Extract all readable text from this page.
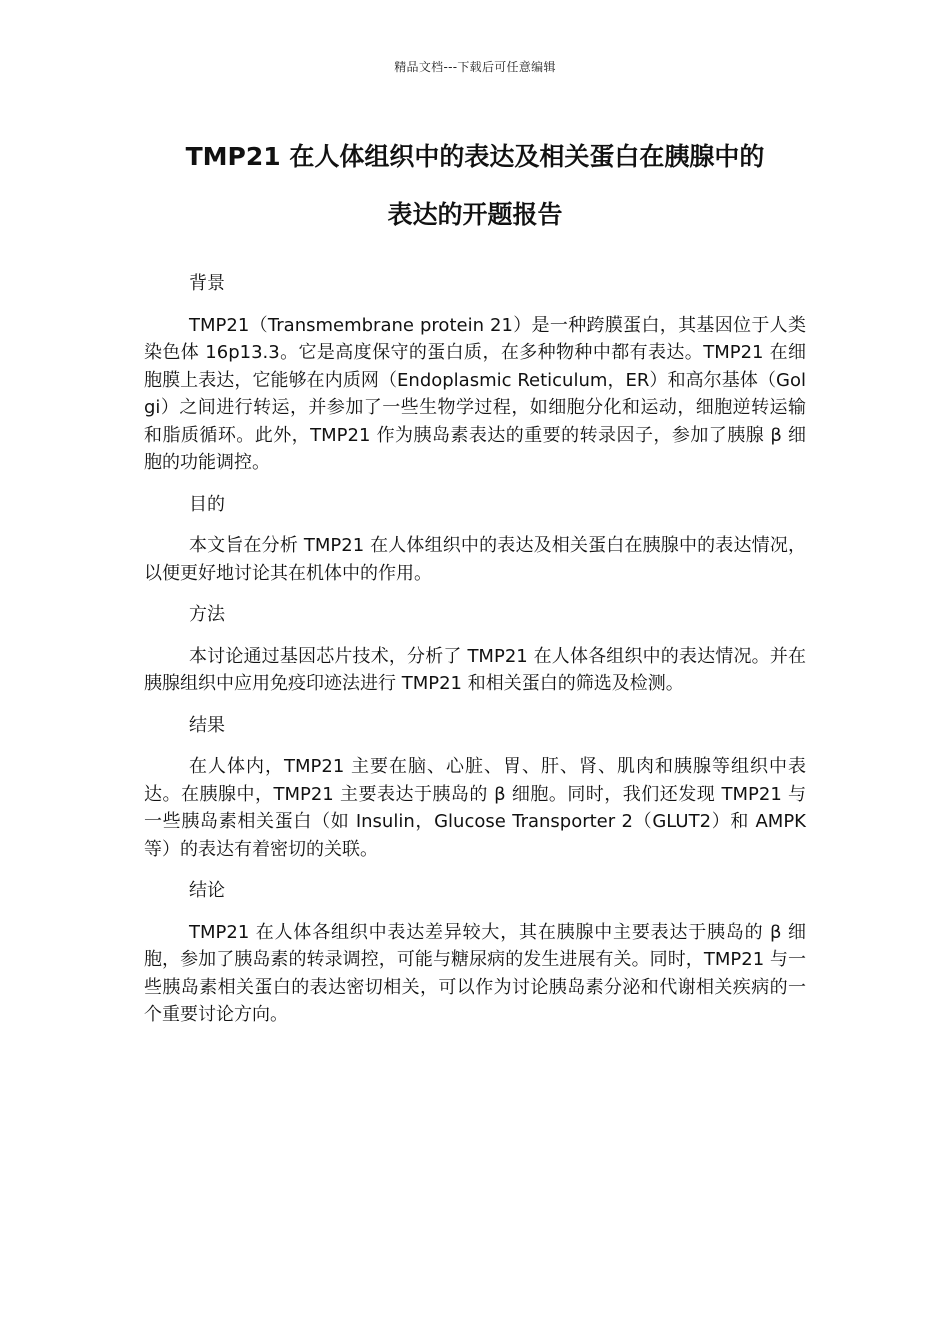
精品文档---下载后可任意编辑
TMP21 在人体组织中的表达及相关蛋白在胰腺中的
表达的开题报告
背景

TMP21（Transmembrane protein 21）是一种跨膜蛋白，其基因位于人类染色体 16p13.3。它是高度保守的蛋白质，在多种物种中都有表达。TMP21 在细胞膜上表达，它能够在内质网（Endoplasmic Reticulum，ER）和高尔基体（Golgi）之间进行转运，并参加了一些生物学过程，如细胞分化和运动，细胞逆转运输和脂质循环。此外，TMP21 作为胰岛素表达的重要的转录因子，参加了胰腺 β 细胞的功能调控。

目的

本文旨在分析 TMP21 在人体组织中的表达及相关蛋白在胰腺中的表达情况，以便更好地讨论其在机体中的作用。

方法

本讨论通过基因芯片技术，分析了 TMP21 在人体各组织中的表达情况。并在胰腺组织中应用免疫印迹法进行 TMP21 和相关蛋白的筛选及检测。

结果

在人体内，TMP21 主要在脑、心脏、胃、肝、肾、肌肉和胰腺等组织中表达。在胰腺中，TMP21 主要表达于胰岛的 β 细胞。同时，我们还发现 TMP21 与一些胰岛素相关蛋白（如 Insulin，Glucose Transporter 2（GLUT2）和 AMPK 等）的表达有着密切的关联。

结论

TMP21 在人体各组织中表达差异较大，其在胰腺中主要表达于胰岛的 β 细胞，参加了胰岛素的转录调控，可能与糖尿病的发生进展有关。同时，TMP21 与一些胰岛素相关蛋白的表达密切相关，可以作为讨论胰岛素分泌和代谢相关疾病的一个重要讨论方向。
